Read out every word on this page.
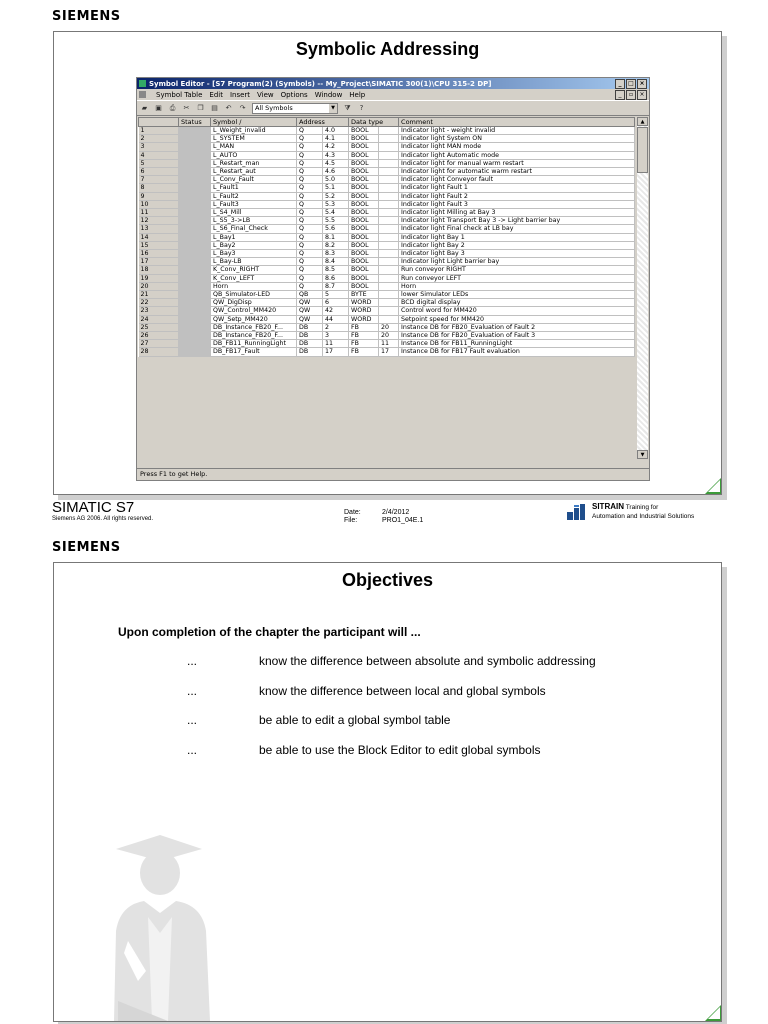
SIEMENS
Symbolic Addressing
Symbol Editor - [S7 Program(2) (Symbols) -- My_Project\SIMATIC 300(1)\CPU 315-2 DP]	_	□ ×
Symbol Table Edit Insert View Options Window Help	_	▫	×
▰ ▣ ⎙ ✂ ❐ ▤ ↶ ↷	All Symbols	▼ ⧩	?
	Status	Symbol /	Address		Data type		Comment
1		L_Weight_invalid	Q	4.0	BOOL		Indicator light - weight invalid
2		L_SYSTEM	Q	4.1	BOOL		Indicator light System ON
3		L_MAN	Q	4.2	BOOL		Indicator light MAN mode
4		L_AUTO	Q	4.3	BOOL		Indicator light Automatic mode
5		L_Restart_man	Q	4.5	BOOL		Indicator light for manual warm restart
6		L_Restart_aut	Q	4.6	BOOL		Indicator light for automatic warm restart
7		L_Conv_Fault	Q	5.0	BOOL		Indicator light Conveyor fault
8		L_Fault1	Q	5.1	BOOL		Indicator light Fault 1
9		L_Fault2	Q	5.2	BOOL		Indicator light Fault 2
10		L_Fault3	Q	5.3	BOOL		Indicator light Fault 3
11		L_S4_Mill	Q	5.4	BOOL		Indicator light Milling at Bay 3
12		L_S5_3->LB	Q	5.5	BOOL		Indicator light Transport Bay 3 -> Light barrier bay
13		L_S6_Final_Check	Q	5.6	BOOL		Indicator light Final check at LB bay
14		L_Bay1	Q	8.1	BOOL		Indicator light Bay 1
15		L_Bay2	Q	8.2	BOOL		Indicator light Bay 2
16		L_Bay3	Q	8.3	BOOL		Indicator light Bay 3
17		L_Bay-LB	Q	8.4	BOOL		Indicator light Light barrier bay
18		K_Conv_RIGHT	Q	8.5	BOOL		Run conveyor RIGHT
19		K_Conv_LEFT	Q	8.6	BOOL		Run conveyor LEFT
20		Horn	Q	8.7	BOOL		Horn
21		QB_Simulator-LED	QB	5	BYTE		lower Simulator LEDs
22		QW_DigDisp	QW	6	WORD		BCD digital display
23		QW_Control_MM420	QW	42	WORD		Control word for MM420
24		QW_Setp_MM420	QW	44	WORD		Setpoint speed for MM420
25		DB_Instance_FB20_F...	DB	2	FB	20	Instance DB for FB20_Evaluation of Fault 2
26		DB_Instance_FB20_F...	DB	3	FB	20	Instance DB for FB20_Evaluation of Fault 3
27		DB_FB11_RunningLight	DB	11	FB	11	Instance DB for FB11_RunningLight
28		DB_FB17_Fault	DB	17	FB	17	Instance DB for FB17 Fault evaluation
▲
▼
Press F1 to get Help.
SIMATIC S7
Siemens AG 2006. All rights reserved.
Date:	2/4/2012
File:	PRO1_04E.1
SITRAIN Training for
Automation and Industrial Solutions
SIEMENS
Objectives
Upon completion of the chapter the participant will ...
...	know the difference between absolute and symbolic addressing
...	know the difference between local and global symbols
...	be able to edit a global symbol table
...	be able to use the Block Editor to edit global symbols
